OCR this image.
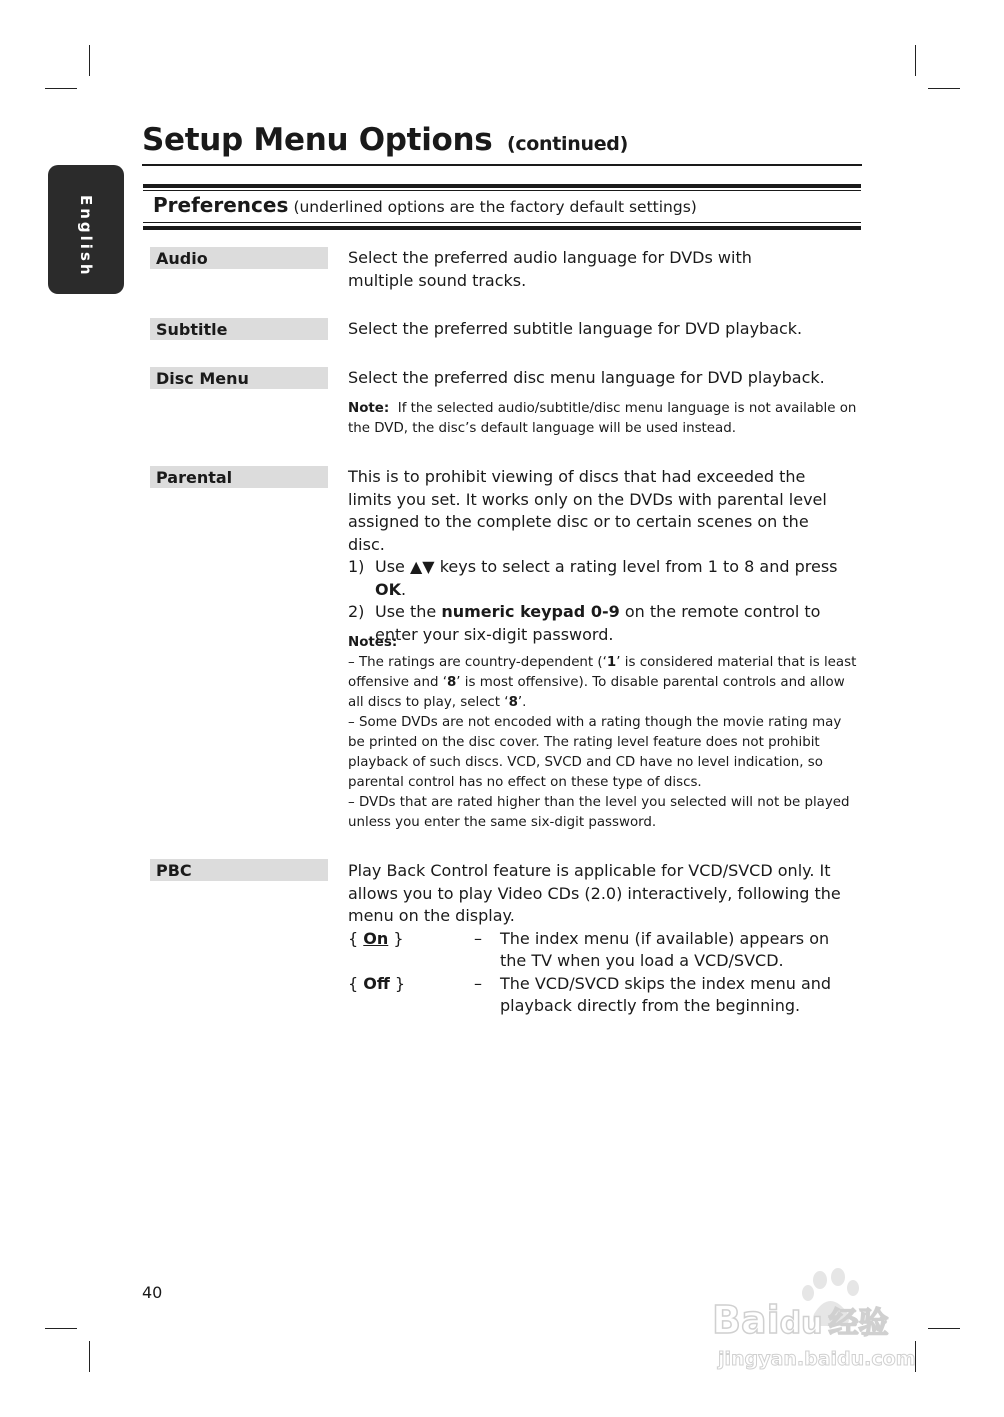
Setup Menu Options (continued)
English	Preferences (underlined options are the factory default settings)
Audio	Select the preferred audio language for DVDs with multiple sound tracks.
Subtitle	Select the preferred subtitle language for DVD playback.
Disc Menu	Select the preferred disc menu language for DVD playback.
Note: If the selected audio/subtitle/disc menu language is not available on the DVD, the disc’s default language will be used instead.
Parental	This is to prohibit viewing of discs that had exceeded the limits you set. It works only on the DVDs with parental level assigned to the complete disc or to certain scenes on the disc.
1) Use ▲▼ keys to select a rating level from 1 to 8 and press OK.
2) Use the numeric keypad 0-9 on the remote control to enter your six-digit password.
Notes:
– The ratings are country-dependent (‘1’ is considered material that is least offensive and ‘8’ is most offensive). To disable parental controls and allow all discs to play, select ‘8’.
– Some DVDs are not encoded with a rating though the movie rating may be printed on the disc cover. The rating level feature does not prohibit playback of such discs. VCD, SVCD and CD have no level indication, so parental control has no effect on these type of discs.
– DVDs that are rated higher than the level you selected will not be played unless you enter the same six-digit password.
PBC	Play Back Control feature is applicable for VCD/SVCD only. It allows you to play Video CDs (2.0) interactively, following the menu on the display.
{ On }	– The index menu (if available) appears on the TV when you load a VCD/SVCD.
{ Off }	– The VCD/SVCD skips the index menu and playback directly from the beginning.
40
Baidu 经验
jingyan.baidu.com
